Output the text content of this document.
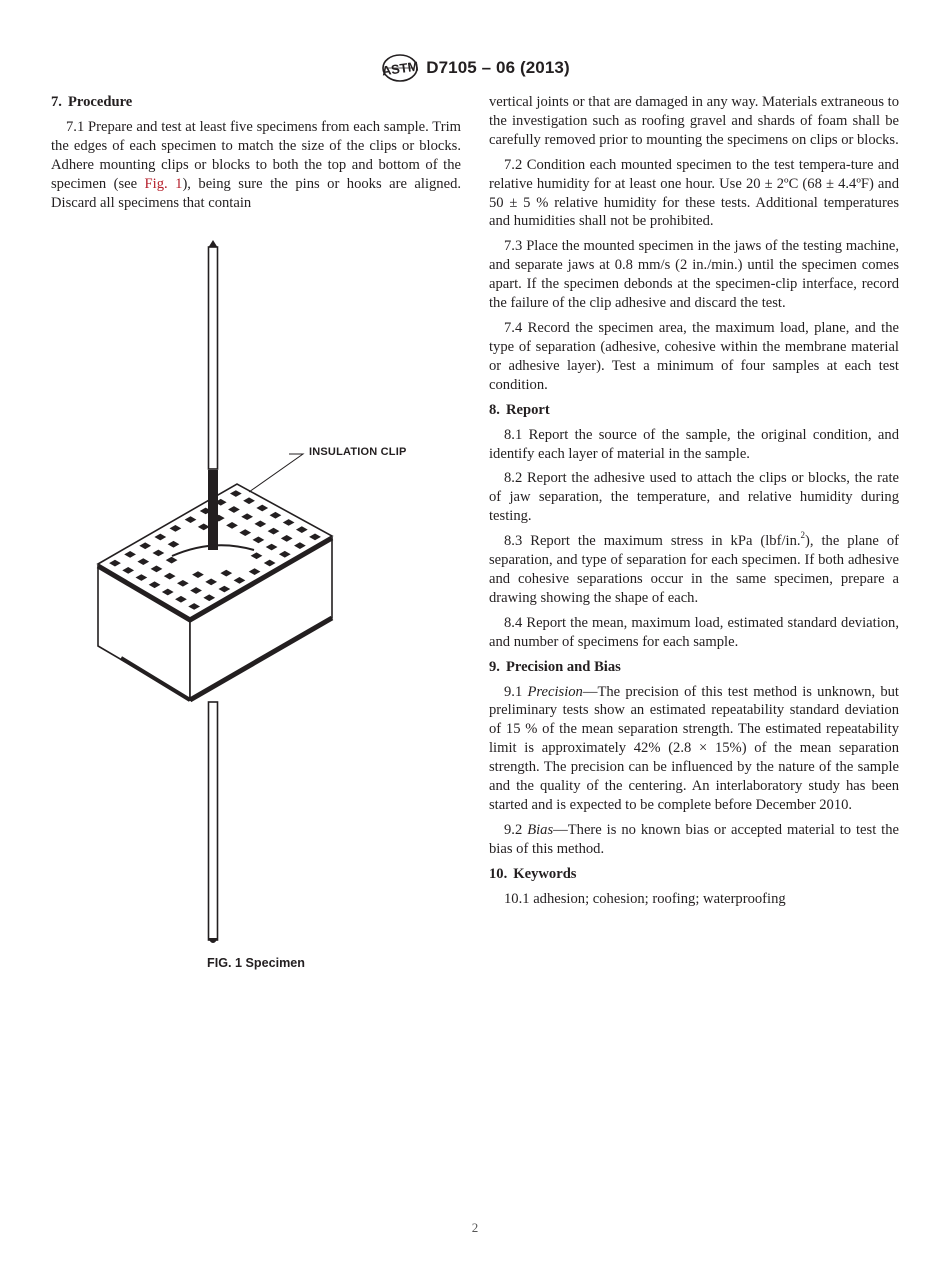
ASTM D7105 – 06 (2013)
7. Procedure

7.1 Prepare and test at least five specimens from each sample. Trim the edges of each specimen to match the size of the clips or blocks. Adhere mounting clips or blocks to both the top and bottom of the specimen (see Fig. 1), being sure the pins or hooks are aligned. Discard all specimens that contain

INSULATION CLIP
FIG. 1 Specimen

vertical joints or that are damaged in any way. Materials extraneous to the investigation such as roofing gravel and shards of foam shall be carefully removed prior to mounting the specimens on clips or blocks.

7.2 Condition each mounted specimen to the test tempera-ture and relative humidity for at least one hour. Use 20 ± 2ºC (68 ± 4.4ºF) and 50 ± 5 % relative humidity for these tests. Additional temperatures and humidities shall not be prohibited.

7.3 Place the mounted specimen in the jaws of the testing machine, and separate jaws at 0.8 mm/s (2 in./min.) until the specimen comes apart. If the specimen debonds at the specimen-clip interface, record the failure of the clip adhesive and discard the test.

7.4 Record the specimen area, the maximum load, plane, and the type of separation (adhesive, cohesive within the membrane material or adhesive layer). Test a minimum of four samples at each test condition.

8. Report

8.1 Report the source of the sample, the original condition, and identify each layer of material in the sample.

8.2 Report the adhesive used to attach the clips or blocks, the rate of jaw separation, the temperature, and relative humidity during testing.

8.3 Report the maximum stress in kPa (lbf/in.$^2$), the plane of separation, and type of separation for each specimen. If both adhesive and cohesive separations occur in the same specimen, prepare a drawing showing the shape of each.

8.4 Report the mean, maximum load, estimated standard deviation, and number of specimens for each sample.

9. Precision and Bias

9.1 Precision—The precision of this test method is unknown, but preliminary tests show an estimated repeatability standard deviation of 15 % of the mean separation strength. The estimated repeatability limit is approximately 42% (2.8 × 15%) of the mean separation strength. The precision can be influenced by the nature of the sample and the quality of the centering. An interlaboratory study has been started and is expected to be complete before December 2010.

9.2 Bias—There is no known bias or accepted material to test the bias of this method.

10. Keywords

10.1 adhesion; cohesion; roofing; waterproofing

2
